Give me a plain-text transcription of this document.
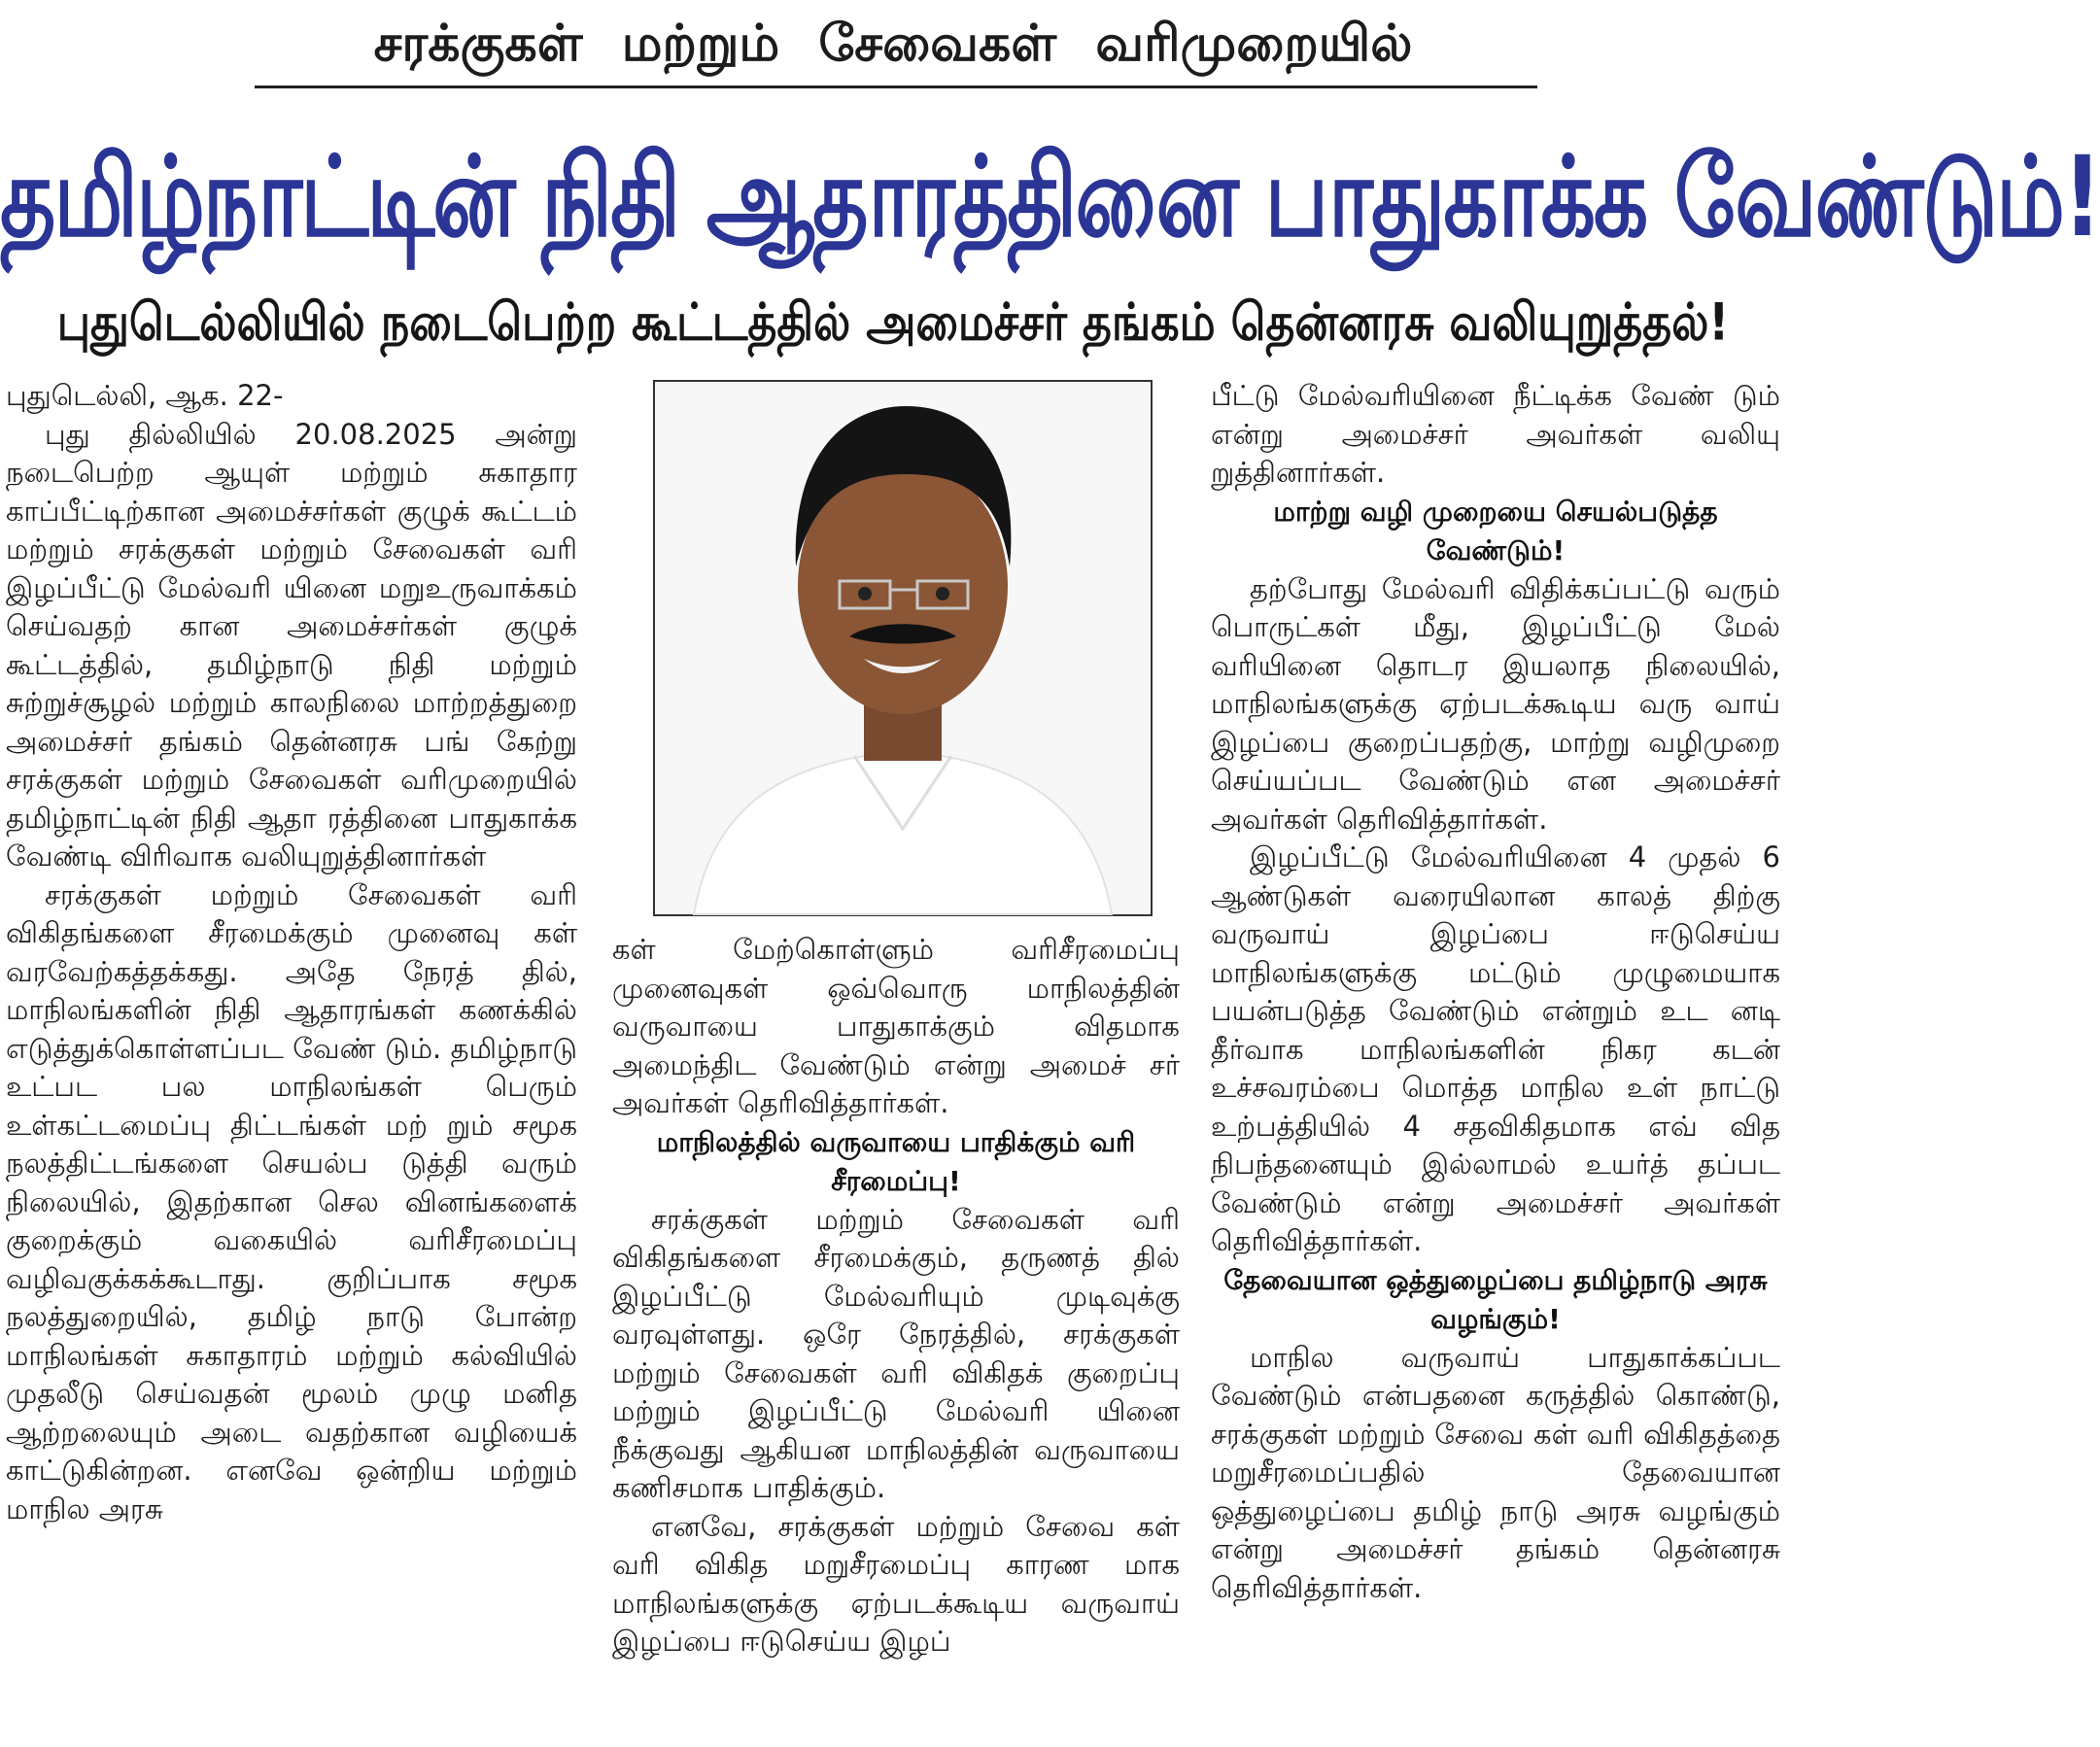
சரக்குகள் மற்றும் சேவைகள் வரிமுறையில்
தமிழ்நாட்டின் நிதி ஆதாரத்தினை பாதுகாக்க வேண்டும்!
புதுடெல்லியில் நடைபெற்ற கூட்டத்தில் அமைச்சர் தங்கம் தென்னரசு வலியுறுத்தல்!

புதுடெல்லி, ஆக. 22-

புது தில்லியில் 20.08.2025 அன்று நடைபெற்ற ஆயுள் மற்றும் சுகாதார காப்பீட்டிற்கான அமைச்சர்கள் குழுக் கூட்டம் மற்றும் சரக்குகள் மற்றும் சேவைகள் வரி இழப்பீட்டு மேல்வரி யினை மறுஉருவாக்கம் செய்வதற் கான அமைச்சர்கள் குழுக் கூட்டத்தில், தமிழ்நாடு நிதி மற்றும் சுற்றுச்சூழல் மற்றும் காலநிலை மாற்றத்துறை அமைச்சர் தங்கம் தென்னரசு பங் கேற்று சரக்குகள் மற்றும் சேவைகள் வரிமுறையில் தமிழ்நாட்டின் நிதி ஆதா ரத்தினை பாதுகாக்க வேண்டி விரிவாக வலியுறுத்தினார்கள்

சரக்குகள் மற்றும் சேவைகள் வரி விகிதங்களை சீரமைக்கும் முனைவு கள் வரவேற்கத்தக்கது. அதே நேரத் தில், மாநிலங்களின் நிதி ஆதாரங்கள் கணக்கில் எடுத்துக்கொள்ளப்பட வேண் டும். தமிழ்நாடு உட்பட பல மாநிலங்கள் பெரும் உள்கட்டமைப்பு திட்டங்கள் மற் றும் சமூக நலத்திட்டங்களை செயல்ப டுத்தி வரும் நிலையில், இதற்கான செல வினங்களைக் குறைக்கும் வகையில் வரிசீரமைப்பு வழிவகுக்கக்கூடாது. குறிப்பாக சமூக நலத்துறையில், தமிழ் நாடு போன்ற மாநிலங்கள் சுகாதாரம் மற்றும் கல்வியில் முதலீடு செய்வதன் மூலம் முழு மனித ஆற்றலையும் அடை வதற்கான வழியைக் காட்டுகின்றன. எனவே ஒன்றிய மற்றும் மாநில அரசு

கள் மேற்கொள்ளும் வரிசீரமைப்பு முனைவுகள் ஒவ்வொரு மாநிலத்தின் வருவாயை பாதுகாக்கும் விதமாக அமைந்திட வேண்டும் என்று அமைச் சர் அவர்கள் தெரிவித்தார்கள்.

மாநிலத்தில் வருவாயை பாதிக்கும் வரி சீரமைப்பு!

சரக்குகள் மற்றும் சேவைகள் வரி விகிதங்களை சீரமைக்கும், தருணத் தில் இழப்பீட்டு மேல்வரியும் முடிவுக்கு வரவுள்ளது. ஒரே நேரத்தில், சரக்குகள் மற்றும் சேவைகள் வரி விகிதக் குறைப்பு மற்றும் இழப்பீட்டு மேல்வரி யினை நீக்குவது ஆகியன மாநிலத்தின் வருவாயை கணிசமாக பாதிக்கும்.

எனவே, சரக்குகள் மற்றும் சேவை கள் வரி விகித மறுசீரமைப்பு காரண மாக மாநிலங்களுக்கு ஏற்படக்கூடிய வருவாய் இழப்பை ஈடுசெய்ய இழப்

பீட்டு மேல்வரியினை நீட்டிக்க வேண் டும் என்று அமைச்சர் அவர்கள் வலியு றுத்தினார்கள்.

மாற்று வழி முறையை செயல்படுத்த வேண்டும்!

தற்போது மேல்வரி விதிக்கப்பட்டு வரும் பொருட்கள் மீது, இழப்பீட்டு மேல் வரியினை தொடர இயலாத நிலையில், மாநிலங்களுக்கு ஏற்படக்கூடிய வரு வாய் இழப்பை குறைப்பதற்கு, மாற்று வழிமுறை செய்யப்பட வேண்டும் என அமைச்சர் அவர்கள் தெரிவித்தார்கள்.

இழப்பீட்டு மேல்வரியினை 4 முதல் 6 ஆண்டுகள் வரையிலான காலத் திற்கு வருவாய் இழப்பை ஈடுசெய்ய மாநிலங்களுக்கு மட்டும் முழுமையாக பயன்படுத்த வேண்டும் என்றும் உட னடி தீர்வாக மாநிலங்களின் நிகர கடன் உச்சவரம்பை மொத்த மாநில உள் நாட்டு உற்பத்தியில் 4 சதவிகிதமாக எவ் வித நிபந்தனையும் இல்லாமல் உயர்த் தப்பட வேண்டும் என்று அமைச்சர் அவர்கள் தெரிவித்தார்கள்.

தேவையான ஒத்துழைப்பை தமிழ்நாடு அரசு வழங்கும்!

மாநில வருவாய் பாதுகாக்கப்பட வேண்டும் என்பதனை கருத்தில் கொண்டு, சரக்குகள் மற்றும் சேவை கள் வரி விகிதத்தை மறுசீரமைப்பதில் தேவையான ஒத்துழைப்பை தமிழ் நாடு அரசு வழங்கும் என்று அமைச்சர் தங்கம் தென்னரசு தெரிவித்தார்கள்.
